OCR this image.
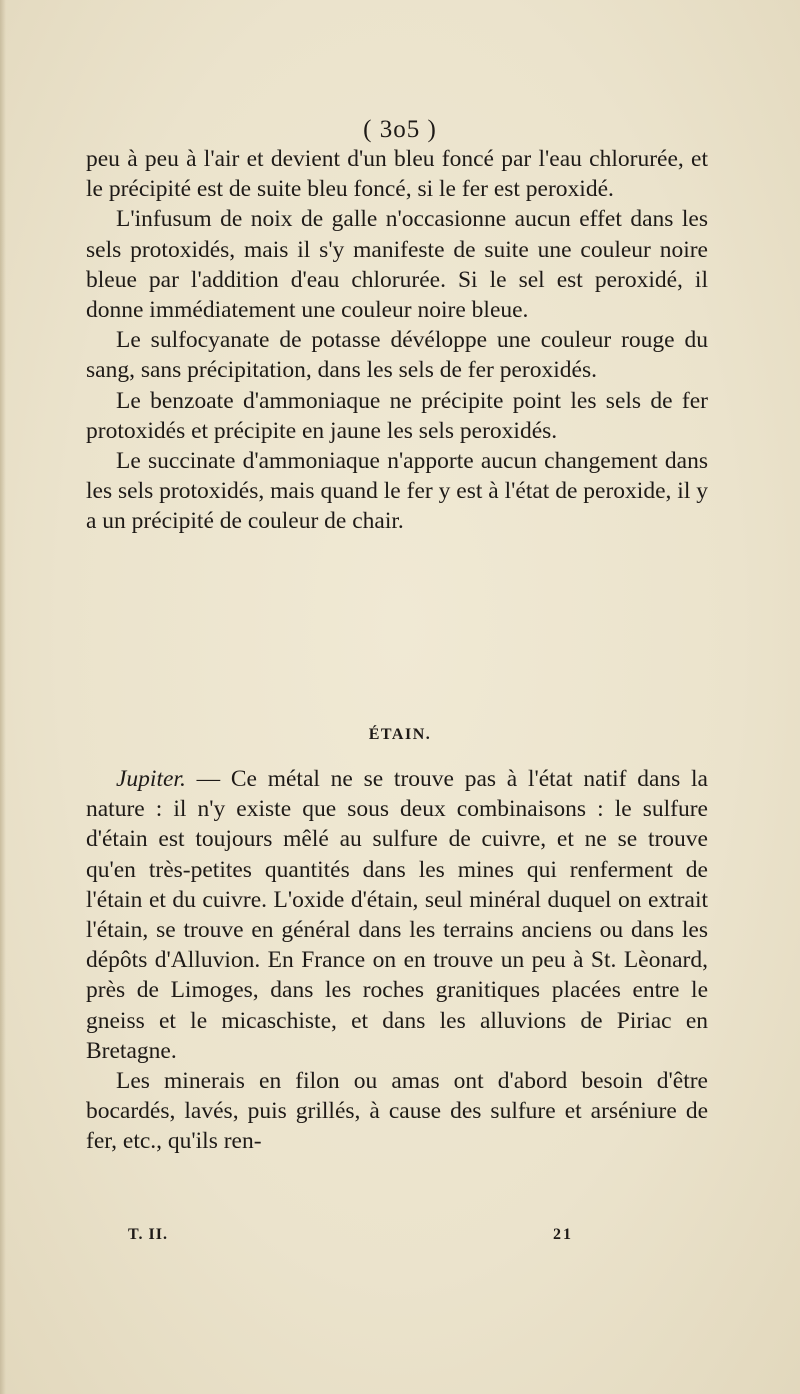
( 3o5 )

peu à peu à l'air et devient d'un bleu foncé par l'eau chlorurée, et le précipité est de suite bleu foncé, si le fer est peroxidé.

L'infusum de noix de galle n'occasionne aucun effet dans les sels protoxidés, mais il s'y manifeste de suite une couleur noire bleue par l'addition d'eau chlorurée. Si le sel est peroxidé, il donne immédiatement une couleur noire bleue.

Le sulfocyanate de potasse dévéloppe une couleur rouge du sang, sans précipitation, dans les sels de fer peroxidés.

Le benzoate d'ammoniaque ne précipite point les sels de fer protoxidés et précipite en jaune les sels peroxidés.

Le succinate d'ammoniaque n'apporte aucun changement dans les sels protoxidés, mais quand le fer y est à l'état de peroxide, il y a un précipité de couleur de chair.

ÉTAIN.

Jupiter. — Ce métal ne se trouve pas à l'état natif dans la nature : il n'y existe que sous deux combinaisons : le sulfure d'étain est toujours mêlé au sulfure de cuivre, et ne se trouve qu'en très-petites quantités dans les mines qui renferment de l'étain et du cuivre. L'oxide d'étain, seul minéral duquel on extrait l'étain, se trouve en général dans les terrains anciens ou dans les dépôts d'Alluvion. En France on en trouve un peu à St. Lèonard, près de Limoges, dans les roches granitiques placées entre le gneiss et le micaschiste, et dans les alluvions de Piriac en Bretagne.

Les minerais en filon ou amas ont d'abord besoin d'être bocardés, lavés, puis grillés, à cause des sulfure et arséniure de fer, etc., qu'ils ren-

T. II.	21
